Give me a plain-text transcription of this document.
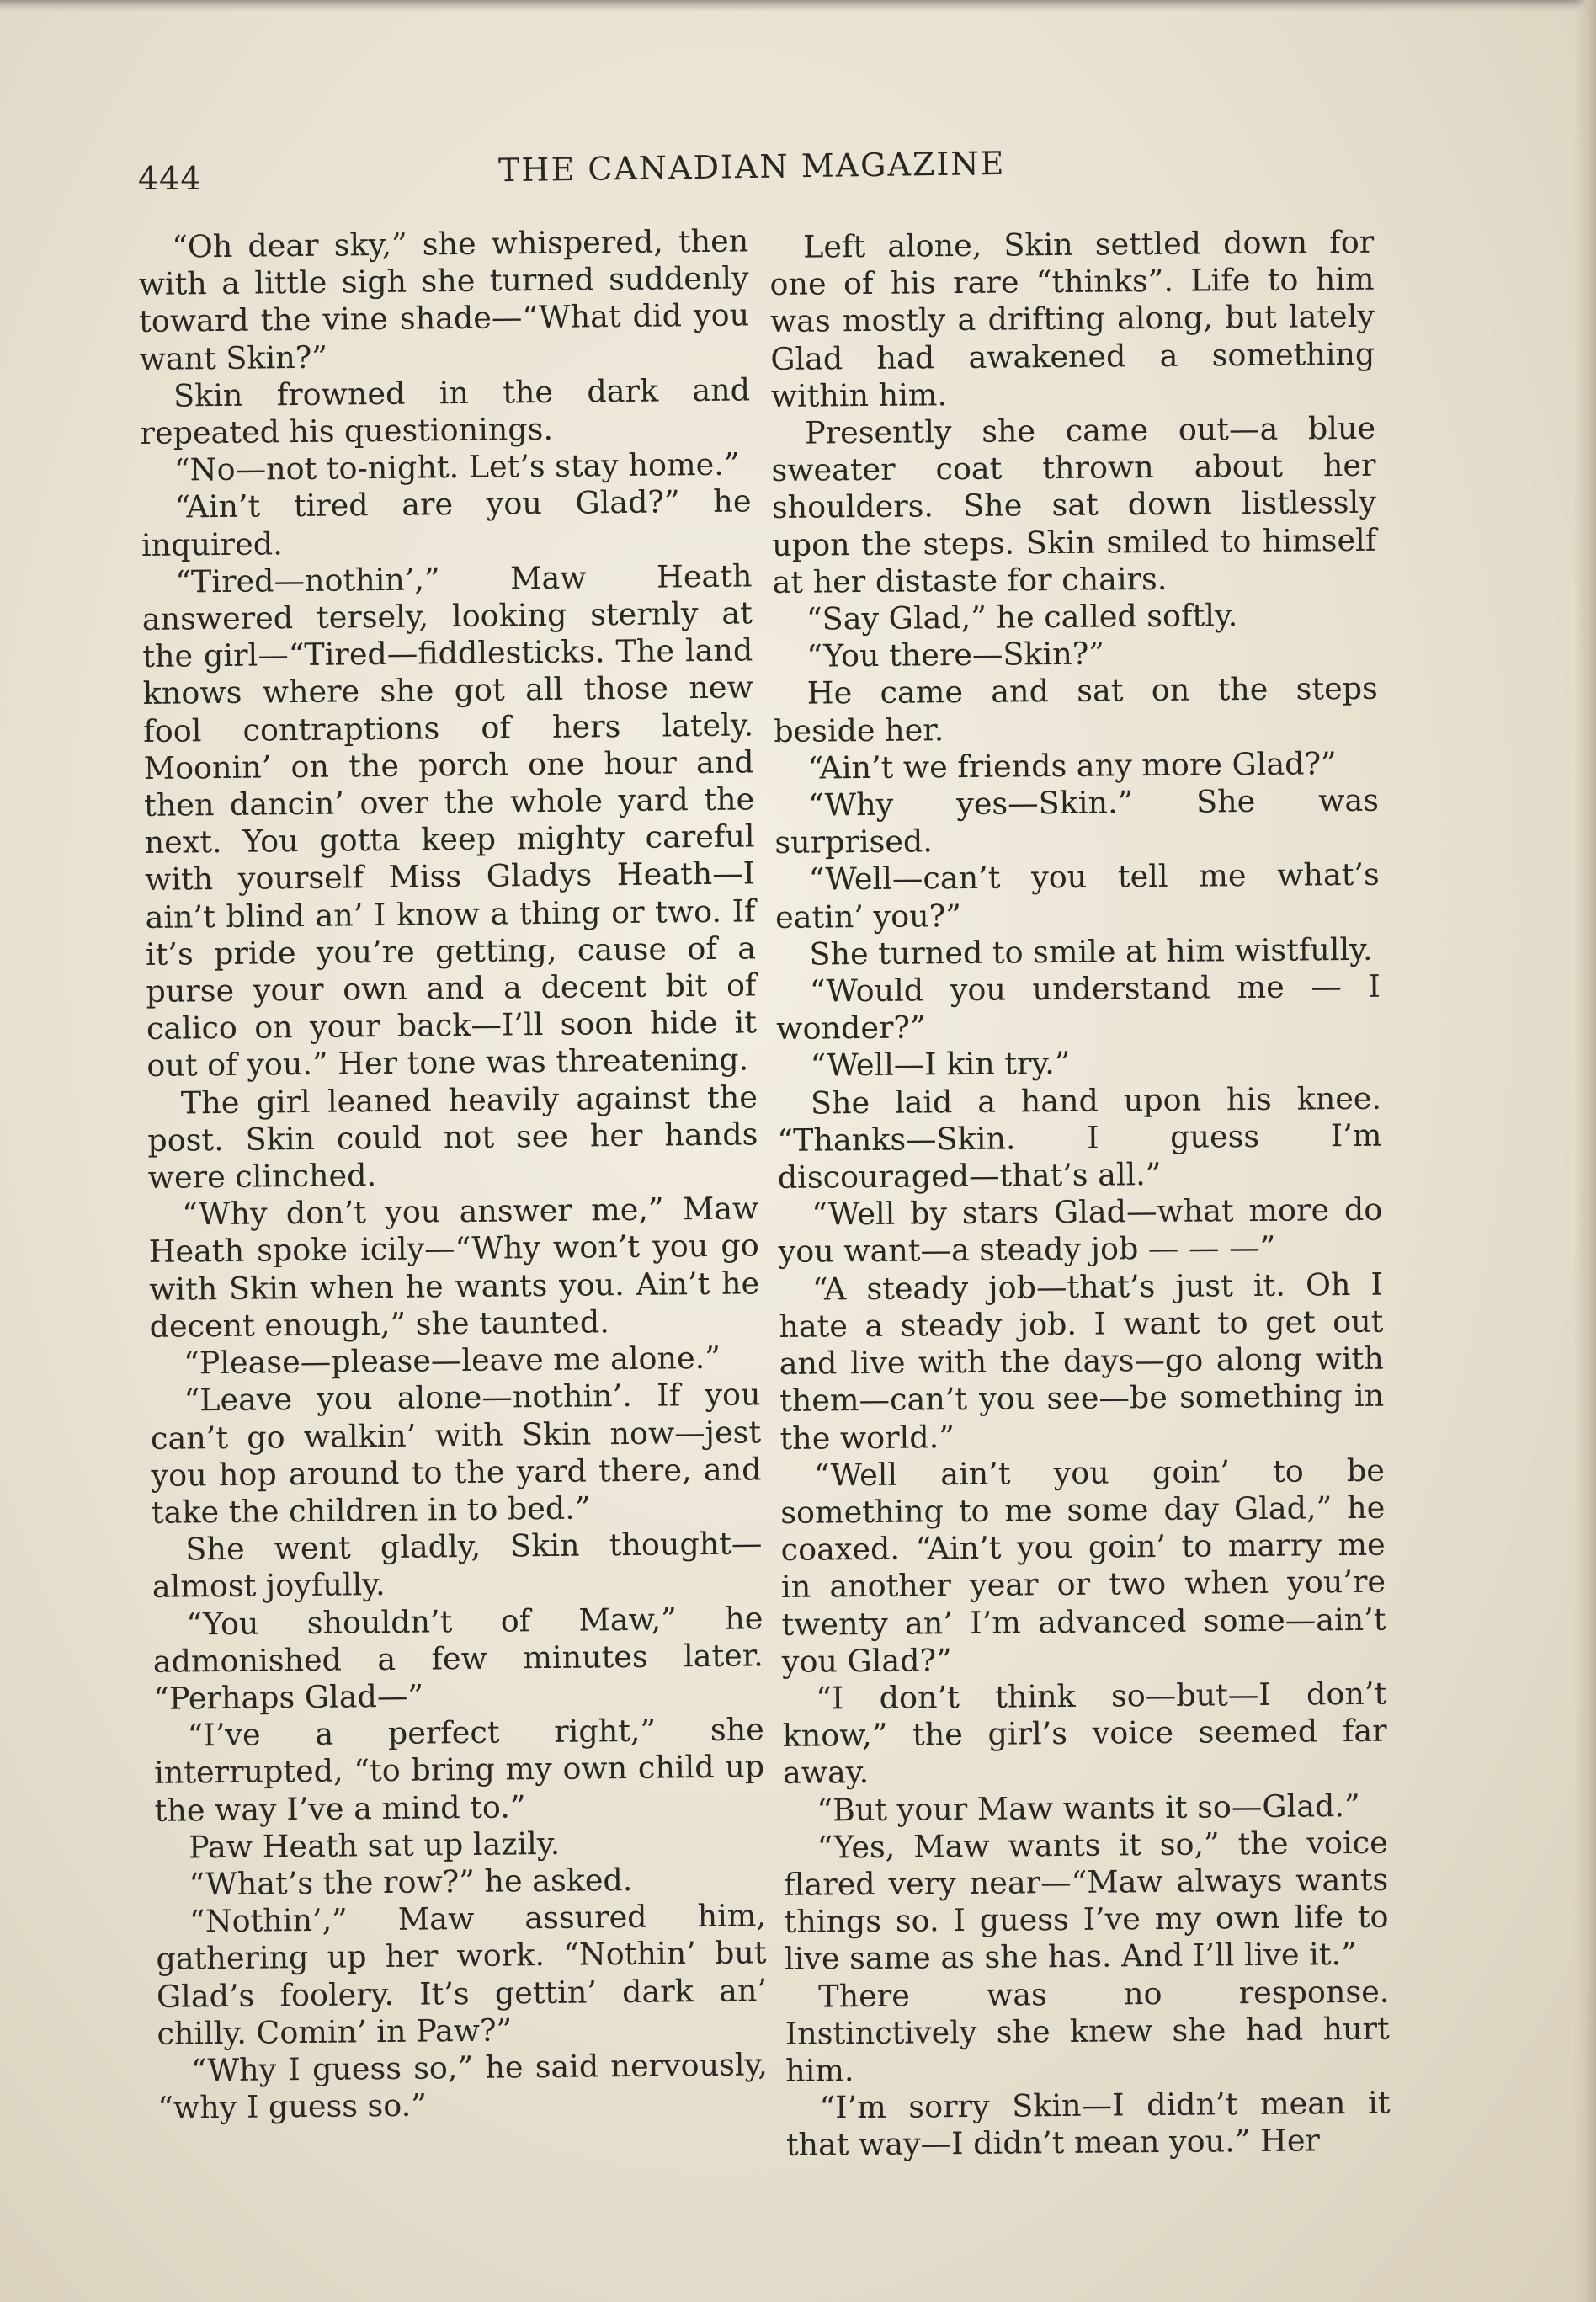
444	THE CANADIAN MAGAZINE

“Oh dear sky,” she whispered, then with a little sigh she turned suddenly toward the vine shade—“What did you want Skin?”

Skin frowned in the dark and repeated his questionings.

“No—not to-night. Let’s stay home.”

“Ain’t tired are you Glad?” he inquired.

“Tired—nothin’,” Maw Heath answered tersely, looking sternly at the girl—“Tired—fiddlesticks. The land knows where she got all those new fool contraptions of hers lately. Moonin’ on the porch one hour and then dancin’ over the whole yard the next. You gotta keep mighty careful with yourself Miss Gladys Heath—I ain’t blind an’ I know a thing or two. If it’s pride you’re getting, cause of a purse your own and a decent bit of calico on your back—I’ll soon hide it out of you.” Her tone was threatening.

The girl leaned heavily against the post. Skin could not see her hands were clinched.

“Why don’t you answer me,” Maw Heath spoke icily—“Why won’t you go with Skin when he wants you. Ain’t he decent enough,” she taunted.

“Please—please—leave me alone.”

“Leave you alone—nothin’. If you can’t go walkin’ with Skin now—jest you hop around to the yard there, and take the children in to bed.”

She went gladly, Skin thought—almost joyfully.

“You shouldn’t of Maw,” he admonished a few minutes later. “Perhaps Glad—”

“I’ve a perfect right,” she interrupted, “to bring my own child up the way I’ve a mind to.”

Paw Heath sat up lazily.

“What’s the row?” he asked.

“Nothin’,” Maw assured him, gathering up her work. “Nothin’ but Glad’s foolery. It’s gettin’ dark an’ chilly. Comin’ in Paw?”

“Why I guess so,” he said nervously, “why I guess so.”

Left alone, Skin settled down for one of his rare “thinks”. Life to him was mostly a drifting along, but lately Glad had awakened a something within him.

Presently she came out—a blue sweater coat thrown about her shoulders. She sat down listlessly upon the steps. Skin smiled to himself at her distaste for chairs.

“Say Glad,” he called softly.

“You there—Skin?”

He came and sat on the steps beside her.

“Ain’t we friends any more Glad?”

“Why yes—Skin.” She was surprised.

“Well—can’t you tell me what’s eatin’ you?”

She turned to smile at him wistfully.

“Would you understand me — I wonder?”

“Well—I kin try.”

She laid a hand upon his knee. “Thanks—Skin. I guess I’m discouraged—that’s all.”

“Well by stars Glad—what more do you want—a steady job — — —”

“A steady job—that’s just it. Oh I hate a steady job. I want to get out and live with the days—go along with them—can’t you see—be something in the world.”

“Well ain’t you goin’ to be something to me some day Glad,” he coaxed. “Ain’t you goin’ to marry me in another year or two when you’re twenty an’ I’m advanced some—ain’t you Glad?”

“I don’t think so—but—I don’t know,” the girl’s voice seemed far away.

“But your Maw wants it so—Glad.”

“Yes, Maw wants it so,” the voice flared very near—“Maw always wants things so. I guess I’ve my own life to live same as she has. And I’ll live it.”

There was no response. Instinctively she knew she had hurt him.

“I’m sorry Skin—I didn’t mean it that way—I didn’t mean you.” Her
